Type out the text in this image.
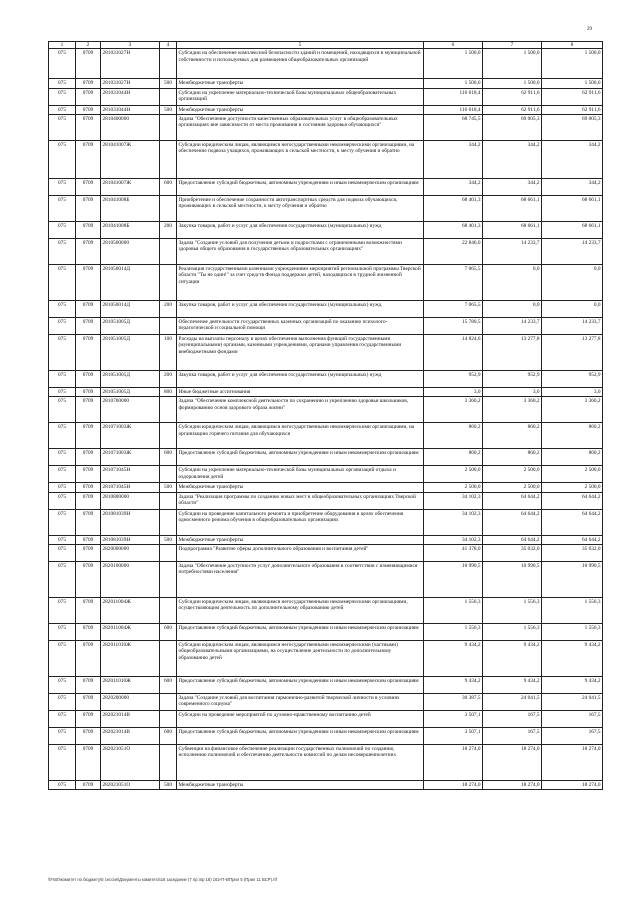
29
1	2	3	4	5	6	7	8
075	0709	281031027Н		Субсидии на обеспечение комплексной безопасности зданий и помещений, находящихся в муниципальной собственности и используемых для размещения общеобразовательных организаций	1 500,0	1 500,0	1 500,0
075	0709	281031027Н	500	Межбюджетные трансферты	1 500,0	1 500,0	1 500,0
075	0709	281031044Н		Субсидии на укрепление материально-технической базы муниципальных общеобразовательных организаций	116 618,4	62 911,6	62 911,6
075	0709	281031044Н	500	Межбюджетные трансферты	116 618,4	62 911,6	62 911,6
075	0709	2810400000		Задача "Обеспечение доступности качественных образовательных услуг в общеобразовательных организациях вне зависимости от места проживания и состояния здоровья обучающихся"	68 745,5	69 005,3	69 005,3
075	0709	281041007Ж		Субсидии юридическим лицам, являющимся негосударственными некоммерческими организациями, на обеспечение подвоза учащихся, проживающих в сельской местности, к месту обучения и обратно	344,2	344,2	344,2
075	0709	281041007Ж	600	Предоставление субсидий бюджетным, автономным учреждениям и иным некоммерческим организациям	344,2	344,2	344,2
075	0709	281041008Б		Приобретение и обеспечение сохранности автотранспортных средств для подвоза обучающихся, проживающих в сельской местности, к месту обучения и обратно	68 401,3	68 661,1	68 661,1
075	0709	281041008Б	200	Закупка товаров, работ и услуг для обеспечения государственных (муниципальных) нужд	68 401,3	68 661,1	68 661,1
075	0709	2810500000		Задача "Создание условий для получения детьми и подростками с ограниченными возможностями здоровья общего образования в государственных образовательных организациях"	22 846,0	14 233,7	14 233,7
075	0709	281050014Д		Реализация государственными казенными учреждениями мероприятий региональной программы Тверской области "Ты не один!" за счет средств Фонда поддержки детей, находящихся в трудной жизненной ситуации	7 065,5	0,0	0,0
075	0709	281050014Д	200	Закупка товаров, работ и услуг для обеспечения государственных (муниципальных) нужд	7 065,5	0,0	0,0
075	0709	281051005Д		Обеспечение деятельности государственных казенных организаций по оказанию психолого-педагогической и социальной помощи	15 780,5	14 233,7	14 233,7
075	0709	281051005Д	100	Расходы на выплаты персоналу в целях обеспечения выполнения функций государственными (муниципальными) органами, казенными учреждениями, органами управления государственными внебюджетными фондами	14 824,6	13 277,8	13 277,8
075	0709	281051005Д	200	Закупка товаров, работ и услуг для обеспечения государственных (муниципальных) нужд	952,9	952,9	952,9
075	0709	281051005Д	800	Иные бюджетные ассигнования	3,0	3,0	3,0
075	0709	2810700000		Задача "Обеспечение комплексной деятельности по сохранению и укреплению здоровья школьников, формированию основ здорового образа жизни"	3 360,2	3 360,2	3 360,2
075	0709	281071003Ж		Субсидии юридическим лицам, являющимся негосударственными некоммерческими организациями, на организацию горячего питания для обучающихся	860,2	860,2	860,2
075	0709	281071003Ж	600	Предоставление субсидий бюджетным, автономным учреждениям и иным некоммерческим организациям	860,2	860,2	860,2
075	0709	281071045Н		Субсидии на укрепление материально-технической базы муниципальных организаций отдыха и оздоровления детей	2 500,0	2 500,0	2 500,0
075	0709	281071045Н	500	Межбюджетные трансферты	2 500,0	2 500,0	2 500,0
075	0709	2810800000		Задача "Реализация программы по созданию новых мест в общеобразовательных организациях Тверской области"	34 102,3	64 644,2	64 644,2
075	0709	281081039Н		Субсидии на проведение капитального ремонта и приобретение оборудования в целях обеспечения односменного режима обучения в общеобразовательных организациях	34 102,3	64 644,2	64 644,2
075	0709	281081039Н	500	Межбюджетные трансферты	34 102,3	64 644,2	64 644,2
075	0709	2820000000		Подпрограмма "Развитие сферы дополнительного образования и воспитания детей"	41 378,0	35 032,0	35 032,0
075	0709	2820100000		Задача "Обеспечение доступности услуг дополнительного образования в соответствии с изменяющимися потребностями населения"	10 990,5	10 990,5	10 990,5
075	0709	282011004Ж		Субсидии юридическим лицам, являющимся негосударственными некоммерческими организациями, осуществляющим деятельность по дополнительному образованию детей	1 556,3	1 556,3	1 556,3
075	0709	282011004Ж	600	Предоставление субсидий бюджетным, автономным учреждениям и иным некоммерческим организациям	1 556,3	1 556,3	1 556,3
075	0709	282011010Ж		Субсидии юридическим лицам, являющимся негосударственными некоммерческими (частными) общеобразовательными организациями, на осуществление деятельности по дополнительному образованию детей	9 434,2	9 434,2	9 434,2
075	0709	282011010Ж	600	Предоставление субсидий бюджетным, автономным учреждениям и иным некоммерческим организациям	9 434,2	9 434,2	9 434,2
075	0709	2820200000		Задача "Создание условий для воспитания гармонично-развитой творческой личности в условиях современного социума"	30 387,5	24 041,5	24 041,5
075	0709	282021014В		Субсидии на проведение мероприятий по духовно-нравственному воспитанию детей	3 507,1	167,5	167,5
075	0709	282021014В	600	Предоставление субсидий бюджетным, автономным учреждениям и иным некоммерческим организациям	3 507,1	167,5	167,5
075	0709	282021051О		Субвенции на финансовое обеспечение реализации государственных полномочий по созданию, исполнению полномочий и обеспечению деятельности комиссий по делам несовершеннолетних	18 274,0	18 274,0	18 274,0
075	0709	282021051О	500	Межбюджетные трансферты	18 274,0	18 274,0	18 274,0
\\Fs00\комитет по бюджету\6 сессия\Документы комитета\16 заседание (7 пр.\пр 18) 162-П-6\Прил 5 (Прил 11 ВСР).rtf
